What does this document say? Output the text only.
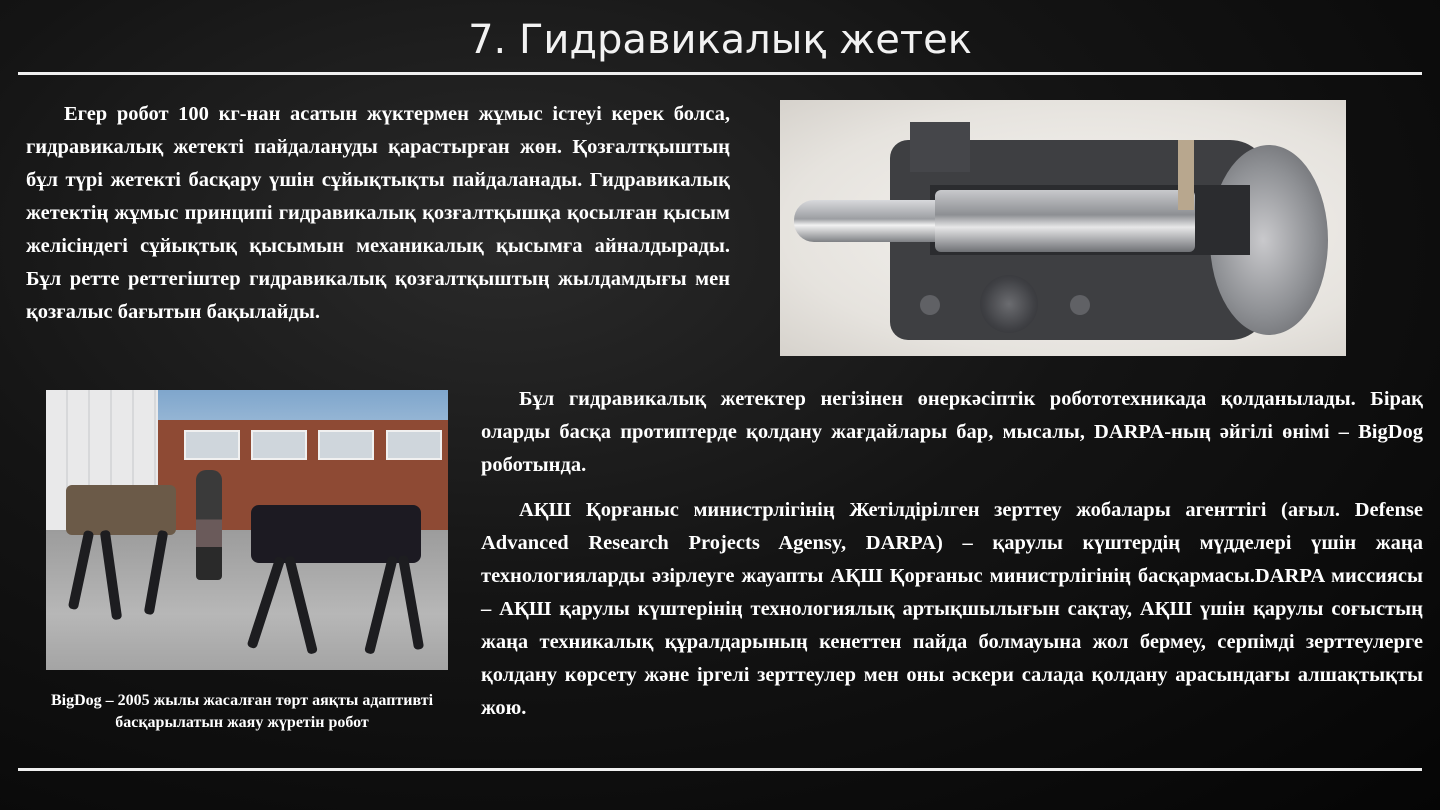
7. Гидравикалық жетек

Егер робот 100 кг-нан асатын жүктермен жұмыс істеуі керек болса, гидравикалық жетекті пайдалануды қарастырған жөн. Қозғалтқыштың бұл түрі жетекті басқару үшін сұйықтықты пайдаланады. Гидравикалық жетектің жұмыс принципі гидравикалық қозғалтқышқа қосылған қысым желісіндегі сұйықтық қысымын механикалық қысымға айналдырады. Бұл ретте реттегіштер гидравикалық қозғалтқыштың жылдамдығы мен қозғалыс бағытын бақылайды.

BigDog – 2005 жылы жасалған төрт аяқты адаптивті басқарылатын жаяу жүретін робот

Бұл гидравикалық жетектер негізінен өнеркәсіптік робототехникада қолданылады. Бірақ оларды басқа протиптерде қолдану жағдайлары бар, мысалы, DARPA-ның әйгілі өнімі – BigDog роботында.

АҚШ Қорғаныс министрлігінің Жетілдірілген зерттеу жобалары агенттігі (ағыл. Defense Advanced Research Projects Agensy, DARPA) – қарулы күштердің мүдделері үшін жаңа технологияларды әзірлеуге жауапты АҚШ Қорғаныс министрлігінің басқармасы.DARPA миссиясы – АҚШ қарулы күштерінің технологиялық артықшылығын сақтау, АҚШ үшін қарулы соғыстың жаңа техникалық құралдарының кенеттен пайда болмауына жол бермеу, серпімді зерттеулерге қолдану көрсету және іргелі зерттеулер мен оны әскери салада қолдану арасындағы алшақтықты жою.
